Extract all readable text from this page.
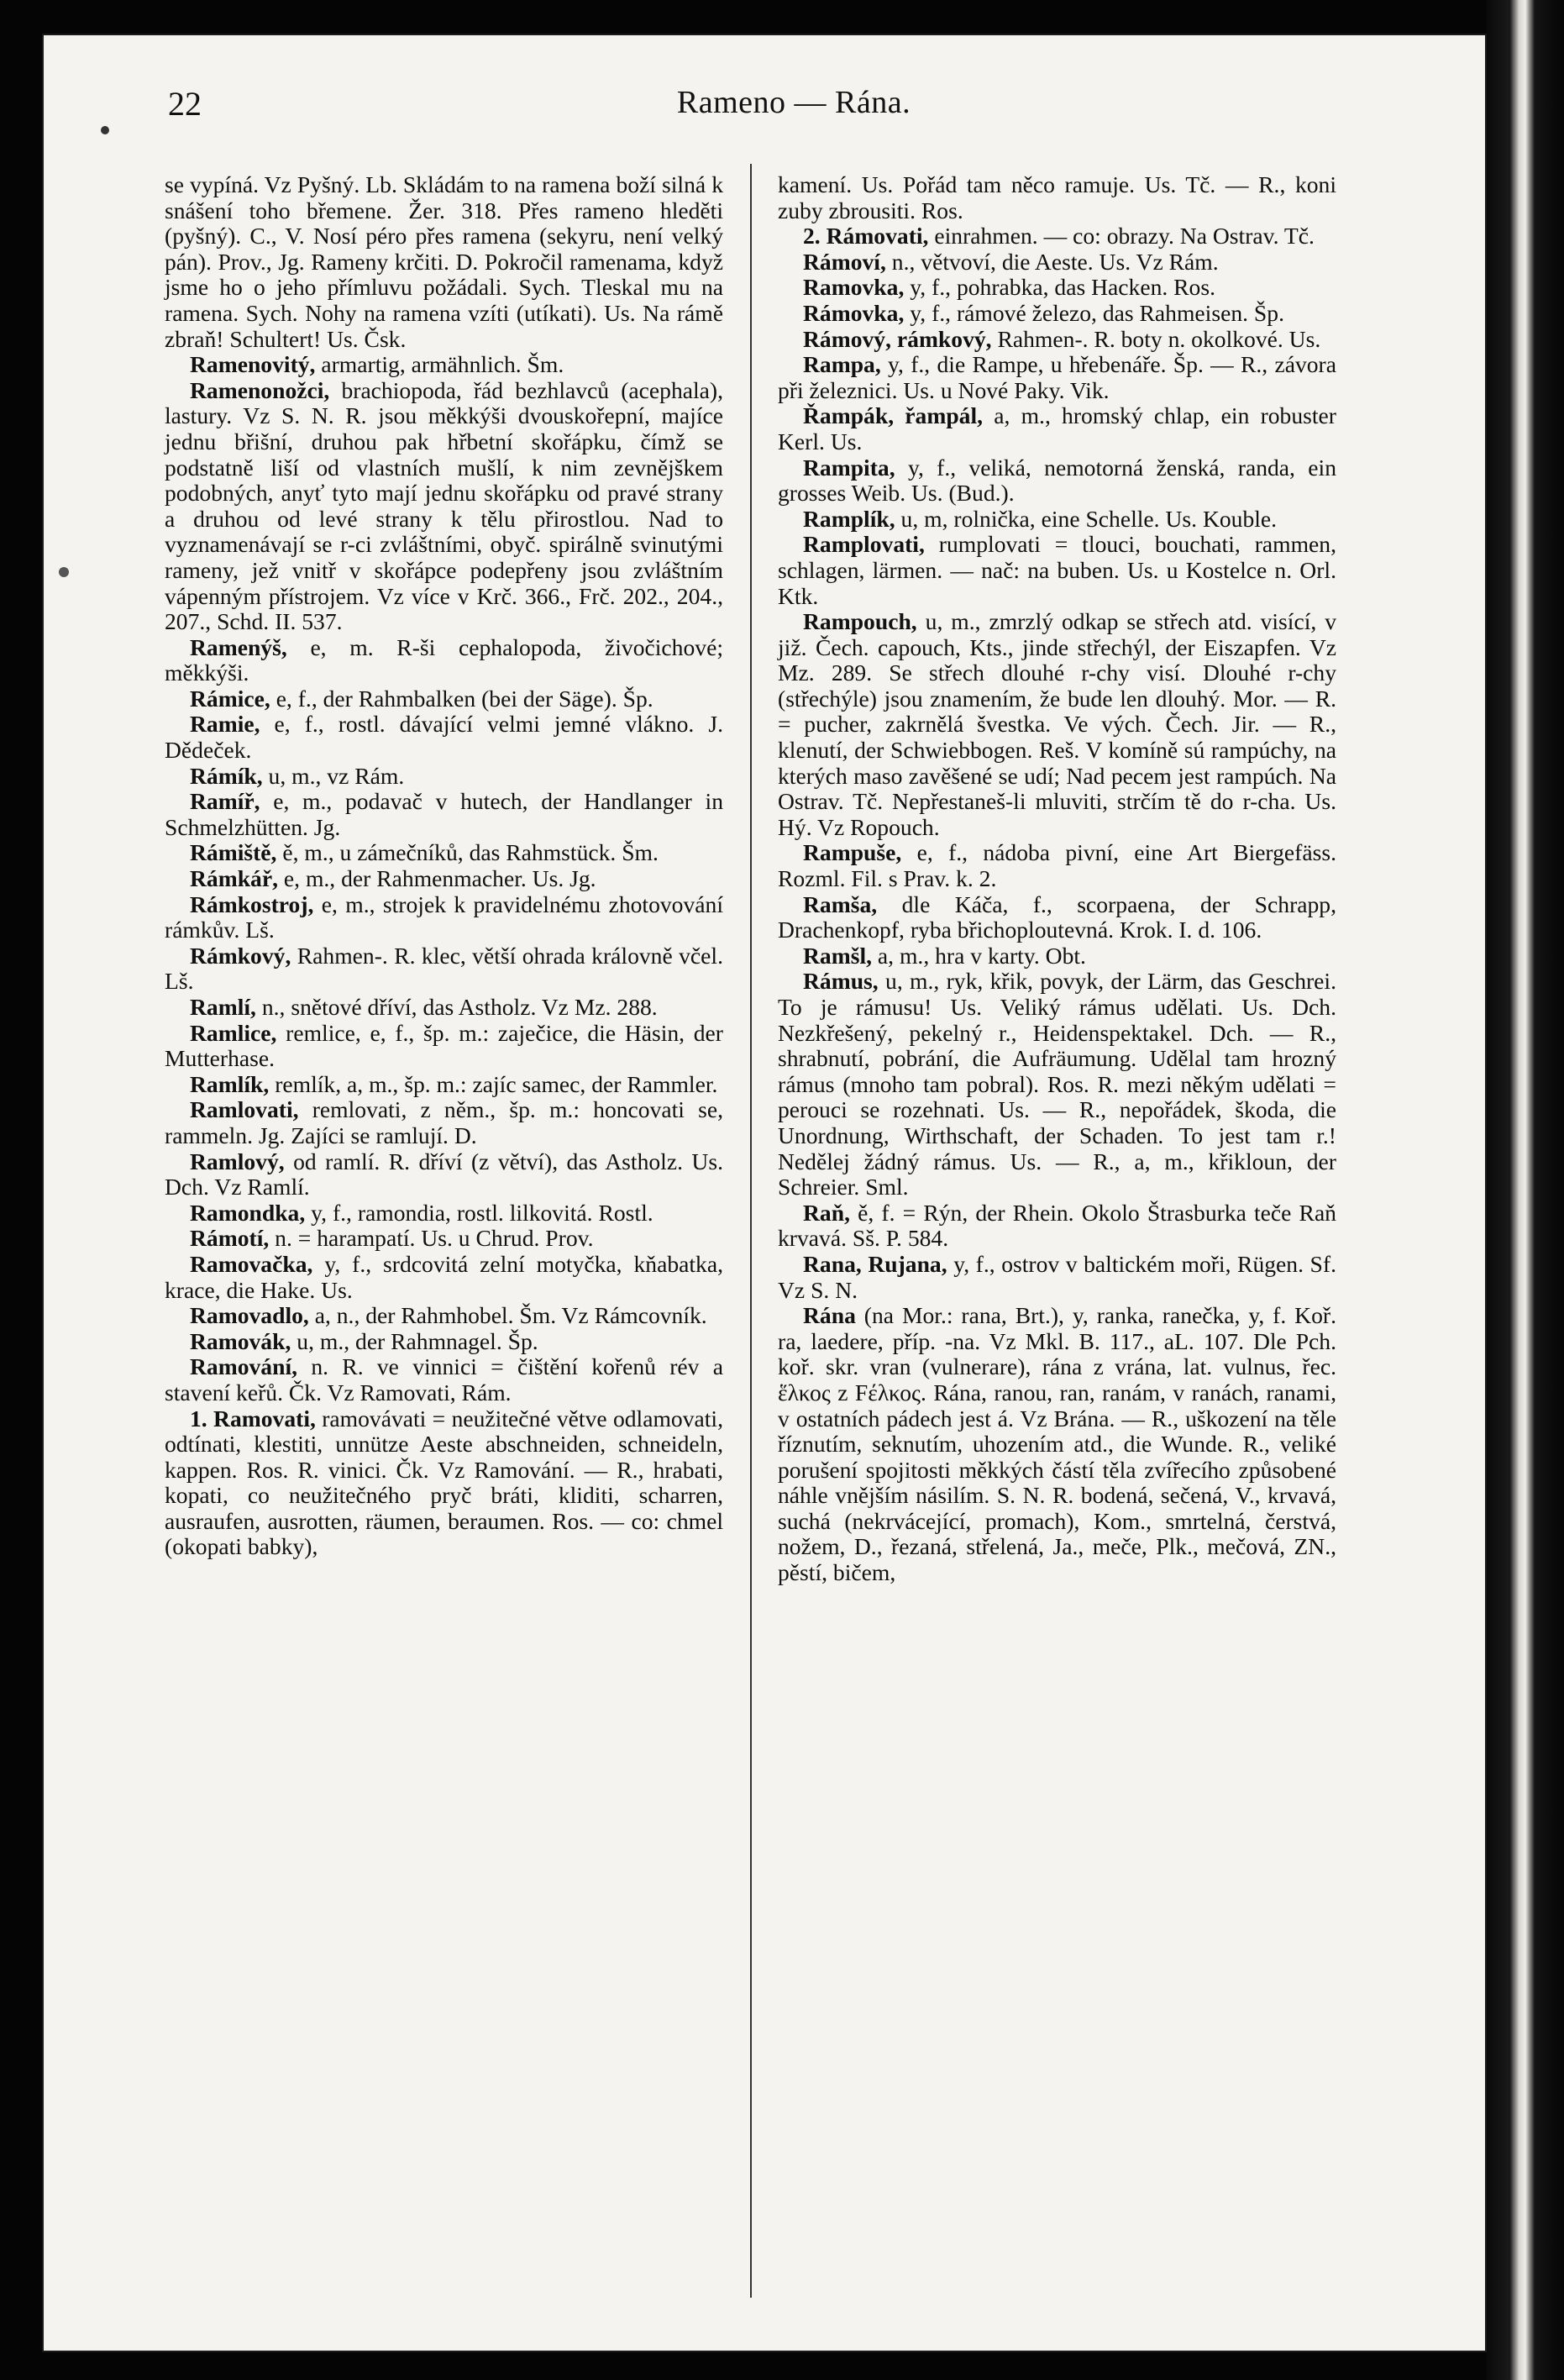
22	Rameno — Rána.

se vypíná. Vz Pyšný. Lb. Skládám to na ramena boží silná k snášení toho břemene. Žer. 318. Přes rameno hleděti (pyšný). C., V. Nosí péro přes ramena (sekyru, není velký pán). Prov., Jg. Rameny krčiti. D. Pokročil ramenama, když jsme ho o jeho přímluvu požádali. Sych. Tleskal mu na ramena. Sych. Nohy na ramena vzíti (utíkati). Us. Na rámě zbraň! Schultert! Us. Čsk.

Ramenovitý, armartig, armähnlich. Šm.

Ramenonožci, brachiopoda, řád bezhlavců (acephala), lastury. Vz S. N. R. jsou měkkýši dvouskořepní, majíce jednu břišní, druhou pak hřbetní skořápku, čímž se podstatně liší od vlastních mušlí, k nim zevnějškem podobných, anyť tyto mají jednu skořápku od pravé strany a druhou od levé strany k tělu přirostlou. Nad to vyznamenávají se r-ci zvláštními, obyč. spirálně svinutými rameny, jež vnitř v skořápce podepřeny jsou zvláštním vápenným přístrojem. Vz více v Krč. 366., Frč. 202., 204., 207., Schd. II. 537.

Ramenýš, e, m. R-ši cephalopoda, živočichové; měkkýši.

Rámice, e, f., der Rahmbalken (bei der Säge). Šp.

Ramie, e, f., rostl. dávající velmi jemné vlákno. J. Dědeček.

Rámík, u, m., vz Rám.

Ramíř, e, m., podavač v hutech, der Handlanger in Schmelzhütten. Jg.

Rámiště, ě, m., u zámečníků, das Rahmstück. Šm.

Rámkář, e, m., der Rahmenmacher. Us. Jg.

Rámkostroj, e, m., strojek k pravidelnému zhotovování rámkův. Lš.

Rámkový, Rahmen-. R. klec, větší ohrada královně včel. Lš.

Ramlí, n., snětové dříví, das Astholz. Vz Mz. 288.

Ramlice, remlice, e, f., šp. m.: zaječice, die Häsin, der Mutterhase.

Ramlík, remlík, a, m., šp. m.: zajíc samec, der Rammler.

Ramlovati, remlovati, z něm., šp. m.: honcovati se, rammeln. Jg. Zajíci se ramlují. D.

Ramlový, od ramlí. R. dříví (z větví), das Astholz. Us. Dch. Vz Ramlí.

Ramondka, y, f., ramondia, rostl. lilkovitá. Rostl.

Rámotí, n. = harampatí. Us. u Chrud. Prov.

Ramovačka, y, f., srdcovitá zelní motyčka, kňabatka, krace, die Hake. Us.

Ramovadlo, a, n., der Rahmhobel. Šm. Vz Rámcovník.

Ramovák, u, m., der Rahmnagel. Šp.

Ramování, n. R. ve vinnici = čištění kořenů rév a stavení keřů. Čk. Vz Ramovati, Rám.

1. Ramovati, ramovávati = neužitečné větve odlamovati, odtínati, klestiti, unnütze Aeste abschneiden, schneideln, kappen. Ros. R. vinici. Čk. Vz Ramování. — R., hrabati, kopati, co neužitečného pryč bráti, kliditi, scharren, ausraufen, ausrotten, räumen, beraumen. Ros. — co: chmel (okopati babky),

kamení. Us. Pořád tam něco ramuje. Us. Tč. — R., koni zuby zbrousiti. Ros.

2. Rámovati, einrahmen. — co: obrazy. Na Ostrav. Tč.

Rámoví, n., větvoví, die Aeste. Us. Vz Rám.

Ramovka, y, f., pohrabka, das Hacken. Ros.

Rámovka, y, f., rámové železo, das Rahmeisen. Šp.

Rámový, rámkový, Rahmen-. R. boty n. okolkové. Us.

Rampa, y, f., die Rampe, u hřebenáře. Šp. — R., závora při železnici. Us. u Nové Paky. Vik.

Řampák, řampál, a, m., hromský chlap, ein robuster Kerl. Us.

Rampita, y, f., veliká, nemotorná ženská, randa, ein grosses Weib. Us. (Bud.).

Ramplík, u, m, rolnička, eine Schelle. Us. Kouble.

Ramplovati, rumplovati = tlouci, bouchati, rammen, schlagen, lärmen. — nač: na buben. Us. u Kostelce n. Orl. Ktk.

Rampouch, u, m., zmrzlý odkap se střech atd. visící, v již. Čech. capouch, Kts., jinde střechýl, der Eiszapfen. Vz Mz. 289. Se střech dlouhé r-chy visí. Dlouhé r-chy (střechýle) jsou znamením, že bude len dlouhý. Mor. — R. = pucher, zakrnělá švestka. Ve vých. Čech. Jir. — R., klenutí, der Schwiebbogen. Reš. V komíně sú rampúchy, na kterých maso zavěšené se udí; Nad pecem jest rampúch. Na Ostrav. Tč. Nepřestaneš-li mluviti, strčím tě do r-cha. Us. Hý. Vz Ropouch.

Rampuše, e, f., nádoba pivní, eine Art Biergefäss. Rozml. Fil. s Prav. k. 2.

Ramša, dle Káča, f., scorpaena, der Schrapp, Drachenkopf, ryba břichoploutevná. Krok. I. d. 106.

Ramšl, a, m., hra v karty. Obt.

Rámus, u, m., ryk, křik, povyk, der Lärm, das Geschrei. To je rámusu! Us. Veliký rámus udělati. Us. Dch. Nezkřešený, pekelný r., Heidenspektakel. Dch. — R., shrabnutí, pobrání, die Aufräumung. Udělal tam hrozný rámus (mnoho tam pobral). Ros. R. mezi někým udělati = perouci se rozehnati. Us. — R., nepořádek, škoda, die Unordnung, Wirthschaft, der Schaden. To jest tam r.! Nedělej žádný rámus. Us. — R., a, m., křikloun, der Schreier. Sml.

Raň, ě, f. = Rýn, der Rhein. Okolo Štrasburka teče Raň krvavá. Sš. P. 584.

Rana, Rujana, y, f., ostrov v baltickém moři, Rügen. Sf. Vz S. N.

Rána (na Mor.: rana, Brt.), y, ranka, ranečka, y, f. Koř. ra, laedere, příp. -na. Vz Mkl. B. 117., aL. 107. Dle Pch. koř. skr. vran (vulnerare), rána z vrána, lat. vulnus, řec. ἕλκος z Fέλκος. Rána, ranou, ran, ranám, v ranách, ranami, v ostatních pádech jest á. Vz Brána. — R., uškození na těle říznutím, seknutím, uhozením atd., die Wunde. R., veliké porušení spojitosti měkkých částí těla zvířecího způsobené náhle vnějším násilím. S. N. R. bodená, sečená, V., krvavá, suchá (nekrvácející, promach), Kom., smrtelná, čerstvá, nožem, D., řezaná, střelená, Ja., meče, Plk., mečová, ZN., pěstí, bičem,
